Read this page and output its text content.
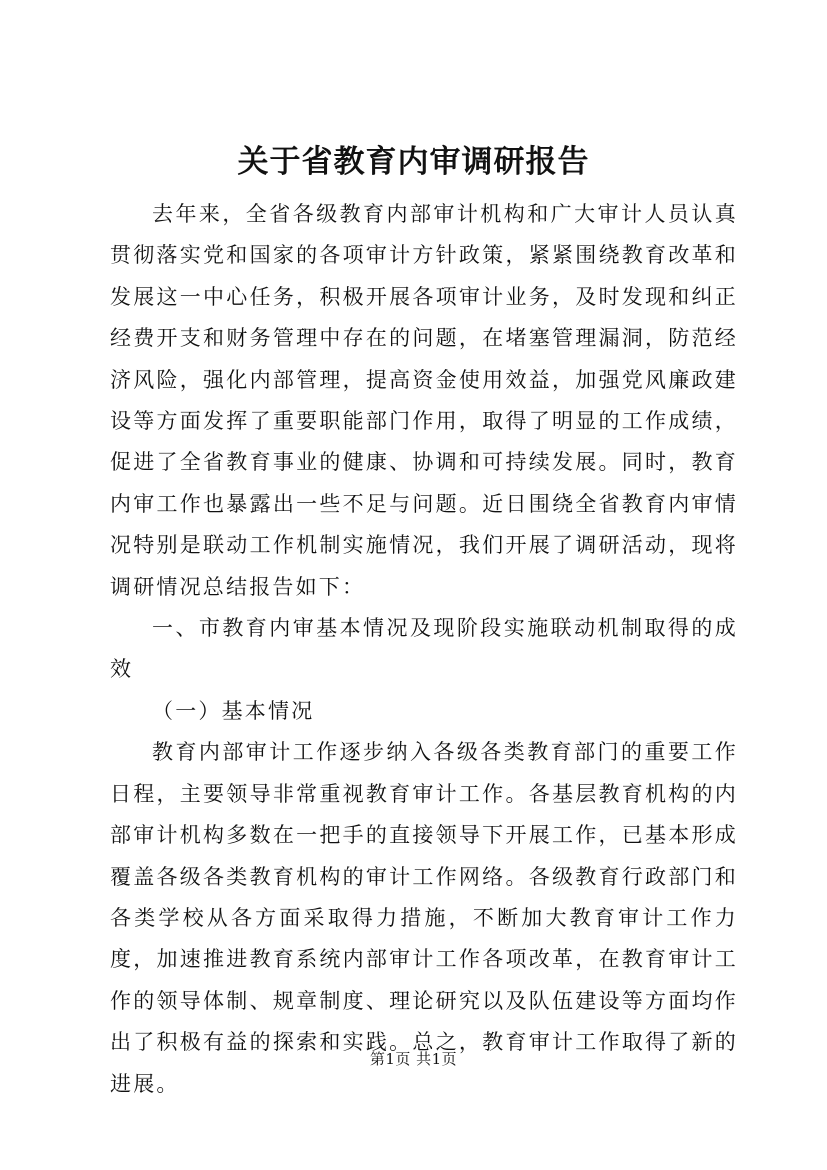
关于省教育内审调研报告

去年来，全省各级教育内部审计机构和广大审计人员认真贯彻落实党和国家的各项审计方针政策，紧紧围绕教育改革和发展这一中心任务，积极开展各项审计业务，及时发现和纠正经费开支和财务管理中存在的问题，在堵塞管理漏洞，防范经济风险，强化内部管理，提高资金使用效益，加强党风廉政建设等方面发挥了重要职能部门作用，取得了明显的工作成绩，促进了全省教育事业的健康、协调和可持续发展。同时，教育内审工作也暴露出一些不足与问题。近日围绕全省教育内审情况特别是联动工作机制实施情况，我们开展了调研活动，现将调研情况总结报告如下：

一、市教育内审基本情况及现阶段实施联动机制取得的成效

（一）基本情况

教育内部审计工作逐步纳入各级各类教育部门的重要工作日程，主要领导非常重视教育审计工作。各基层教育机构的内部审计机构多数在一把手的直接领导下开展工作，已基本形成覆盖各级各类教育机构的审计工作网络。各级教育行政部门和各类学校从各方面采取得力措施，不断加大教育审计工作力度，加速推进教育系统内部审计工作各项改革，在教育审计工作的领导体制、规章制度、理论研究以及队伍建设等方面均作出了积极有益的探索和实践。总之，教育审计工作取得了新的进展。

第1页 共1页
